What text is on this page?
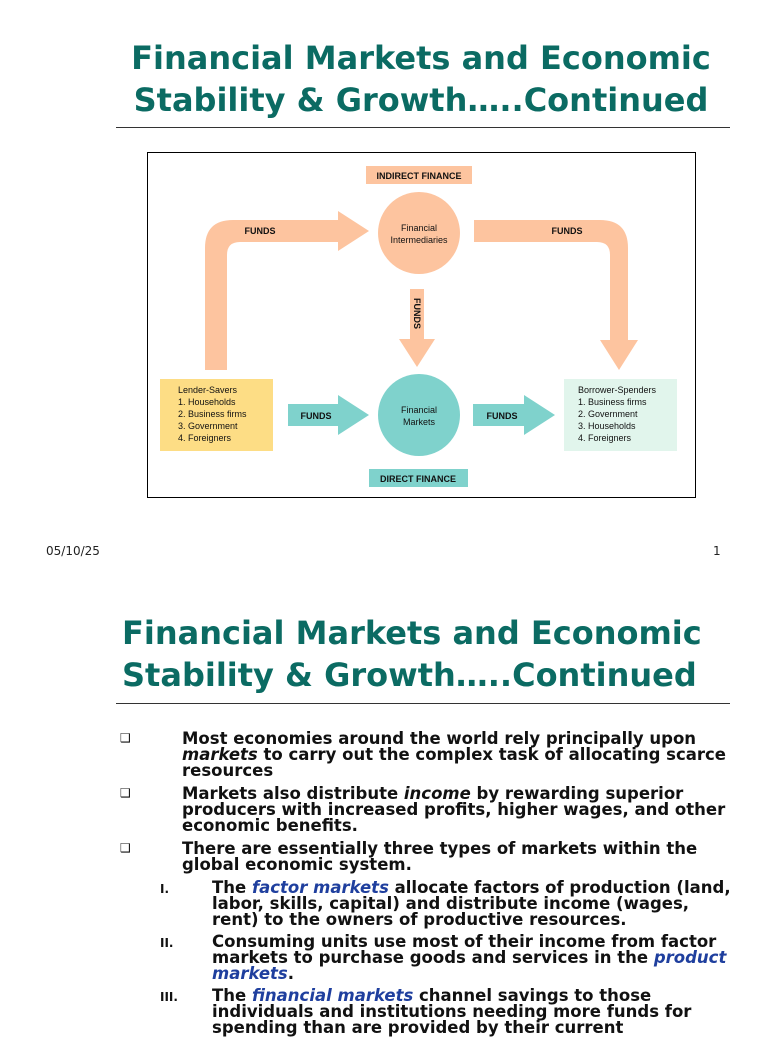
Financial Markets and Economic
Stability & Growth…..Continued
INDIRECT FINANCE
DIRECT FINANCE
FUNDS	FUNDS
FUNDS
FUNDS	FUNDS
Financial
Intermediaries
Financial
Markets
Lender-Savers
1. Households
2. Business firms
3. Government
4. Foreigners
Borrower-Spenders
1. Business firms
2. Government
3. Households
4. Foreigners
05/10/25	1
Financial Markets and Economic
Stability & Growth…..Continued
❑	Most economies around the world rely principally upon markets to carry out the complex task of allocating scarce resources
❑	Markets also distribute income by rewarding superior producers with increased profits, higher wages, and other economic benefits.
❑	There are essentially three types of markets within the global economic system.
I.	The factor markets allocate factors of production (land, labor, skills, capital) and distribute income (wages, rent) to the owners of productive resources.
II. Consuming units use most of their income from factor markets to purchase goods and services in the product markets.
III. The financial markets channel savings to those individuals and institutions needing more funds for spending than are provided by their current
